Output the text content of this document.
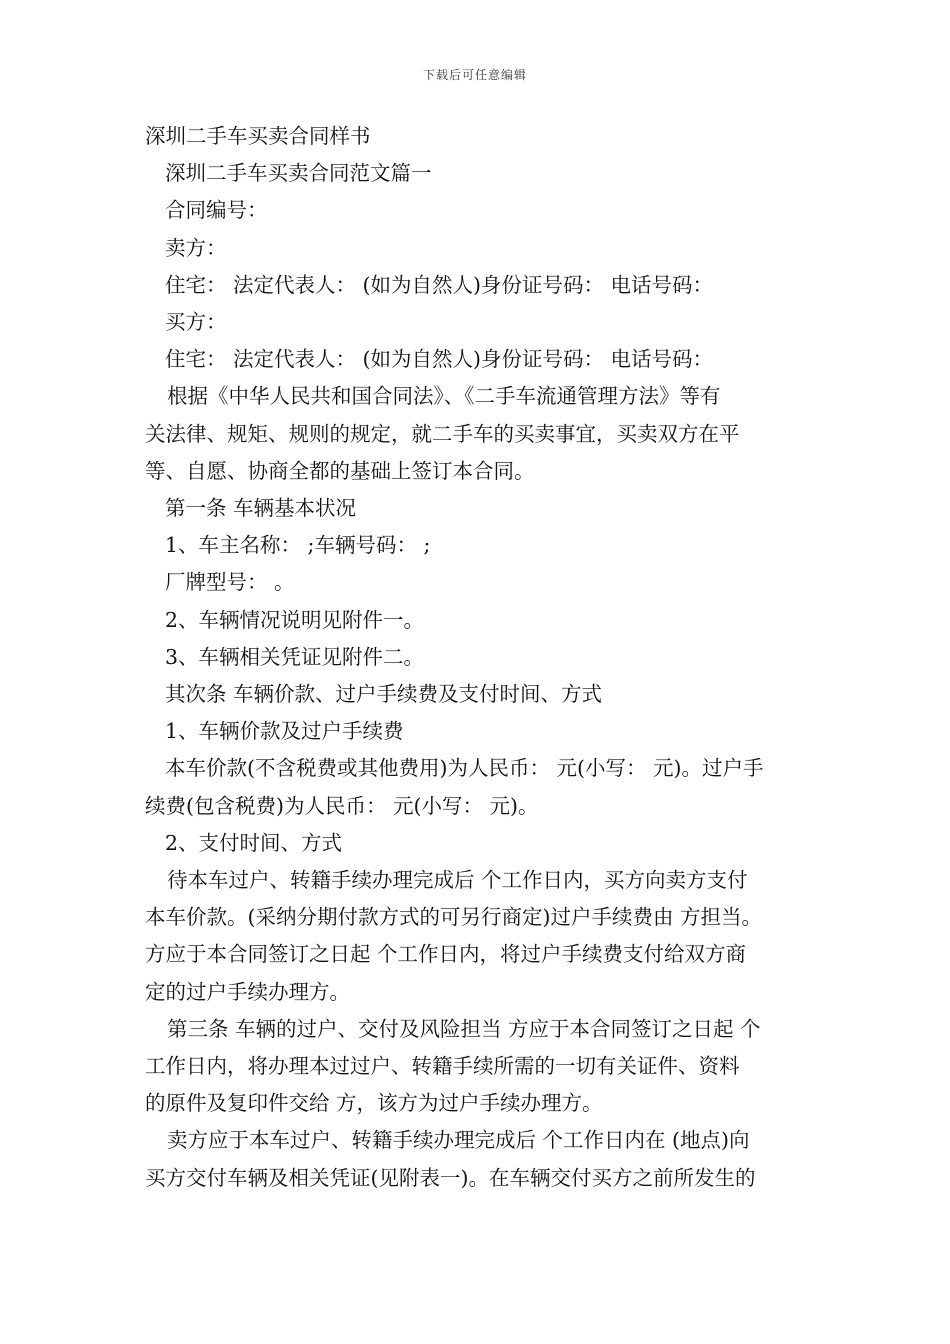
下载后可任意编辑

深圳二手车买卖合同样书

深圳二手车买卖合同范文篇一

合同编号：

卖方：

住宅： 法定代表人： (如为自然人)身份证号码： 电话号码：

买方：

住宅： 法定代表人： (如为自然人)身份证号码： 电话号码：

根据《中华人民共和国合同法》、《二手车流通管理方法》等有

关法律、规矩、规则的规定，就二手车的买卖事宜，买卖双方在平

等、自愿、协商全都的基础上签订本合同。

第一条 车辆基本状况

1、车主名称： ;车辆号码： ;

厂牌型号： 。

2、车辆情况说明见附件一。

3、车辆相关凭证见附件二。

其次条 车辆价款、过户手续费及支付时间、方式

1、车辆价款及过户手续费

本车价款(不含税费或其他费用)为人民币： 元(小写： 元)。过户手

续费(包含税费)为人民币： 元(小写： 元)。

2、支付时间、方式

待本车过户、转籍手续办理完成后 个工作日内，买方向卖方支付

本车价款。(采纳分期付款方式的可另行商定)过户手续费由 方担当。

方应于本合同签订之日起 个工作日内，将过户手续费支付给双方商

定的过户手续办理方。

第三条 车辆的过户、交付及风险担当 方应于本合同签订之日起 个

工作日内，将办理本过过户、转籍手续所需的一切有关证件、资料

的原件及复印件交给 方，该方为过户手续办理方。

卖方应于本车过户、转籍手续办理完成后 个工作日内在 (地点)向

买方交付车辆及相关凭证(见附表一)。在车辆交付买方之前所发生的
